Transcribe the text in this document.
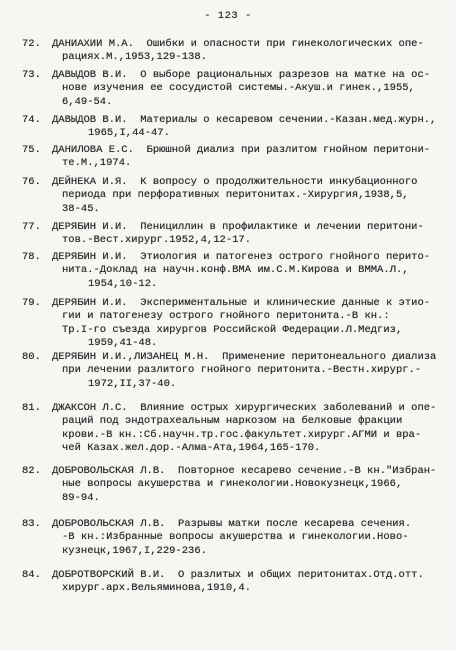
- 123 -
72.	ДАНИАХИИ М.А.  Ошибки и опасности при гинекологических опе-
рациях.М.,1953,129-138.
73.	ДАВЫДОВ В.И.  О выборе рациональных разрезов на матке на ос-
нове изучения ее сосудистой системы.-Акуш.и гинек.,1955,
6,49-54.
74.	ДАВЫДОВ В.И.  Материалы о кесаревом сечении.-Казан.мед.журн.,
1965,I,44-47.
75.	ДАНИЛОВА Е.С.  Брюшной диализ при разлитом гнойном перитони-
те.М.,1974.
76.	ДЕЙНЕКА И.Я.  К вопросу о продолжительности инкубационного
периода при перфоративных перитонитах.-Хирургия,1938,5,
38-45.
77.	ДЕРЯБИН И.И.  Пенициллин в профилактике и лечении перитони-
тов.-Вест.хирург.1952,4,12-17.
78.	ДЕРЯБИН И.И.  Этиология и патогенез острого гнойного перито-
нита.-Доклад на научн.конф.ВМА им.С.М.Кирова и ВММА.Л.,
1954,10-12.
79.	ДЕРЯБИН И.И.  Экспериментальные и клинические данные к этио-
гии и патогенезу острого гнойного перитонита.-В кн.:
Тр.I-го съезда хирургов Российской Федерации.Л.Медгиз,
1959,41-48.
80.	ДЕРЯБИН И.И.,ЛИЗАНЕЦ М.Н.  Применение перитонеального диализа
при лечении разлитого гнойного перитонита.-Вестн.хирург.-
1972,II,37-40.
81.	ДЖАКСОН Л.С.  Влияние острых хирургических заболеваний и опе-
раций под эндотрахеальным наркозом на белковые фракции
крови.-В кн.:Сб.научн.тр.гос.факультет.хирург.АГМИ и вра-
чей Казах.жел.дор.-Алма-Ата,1964,165-170.
82.	ДОБРОВОЛЬСКАЯ Л.В.  Повторное кесарево сечение.-В кн."Избран-
ные вопросы акушерства и гинекологии.Новокузнецк,1966,
89-94.
83.	ДОБРОВОЛЬСКАЯ Л.В.  Разрывы матки после кесарева сечения.
-В кн.:Избранные вопросы акушерства и гинекологии.Ново-
кузнецк,1967,I,229-236.
84.	ДОБРОТВОРСКИЙ В.И.  О разлитых и общих перитонитах.Отд.отт.
хирург.арх.Вельяминова,1910,4.
